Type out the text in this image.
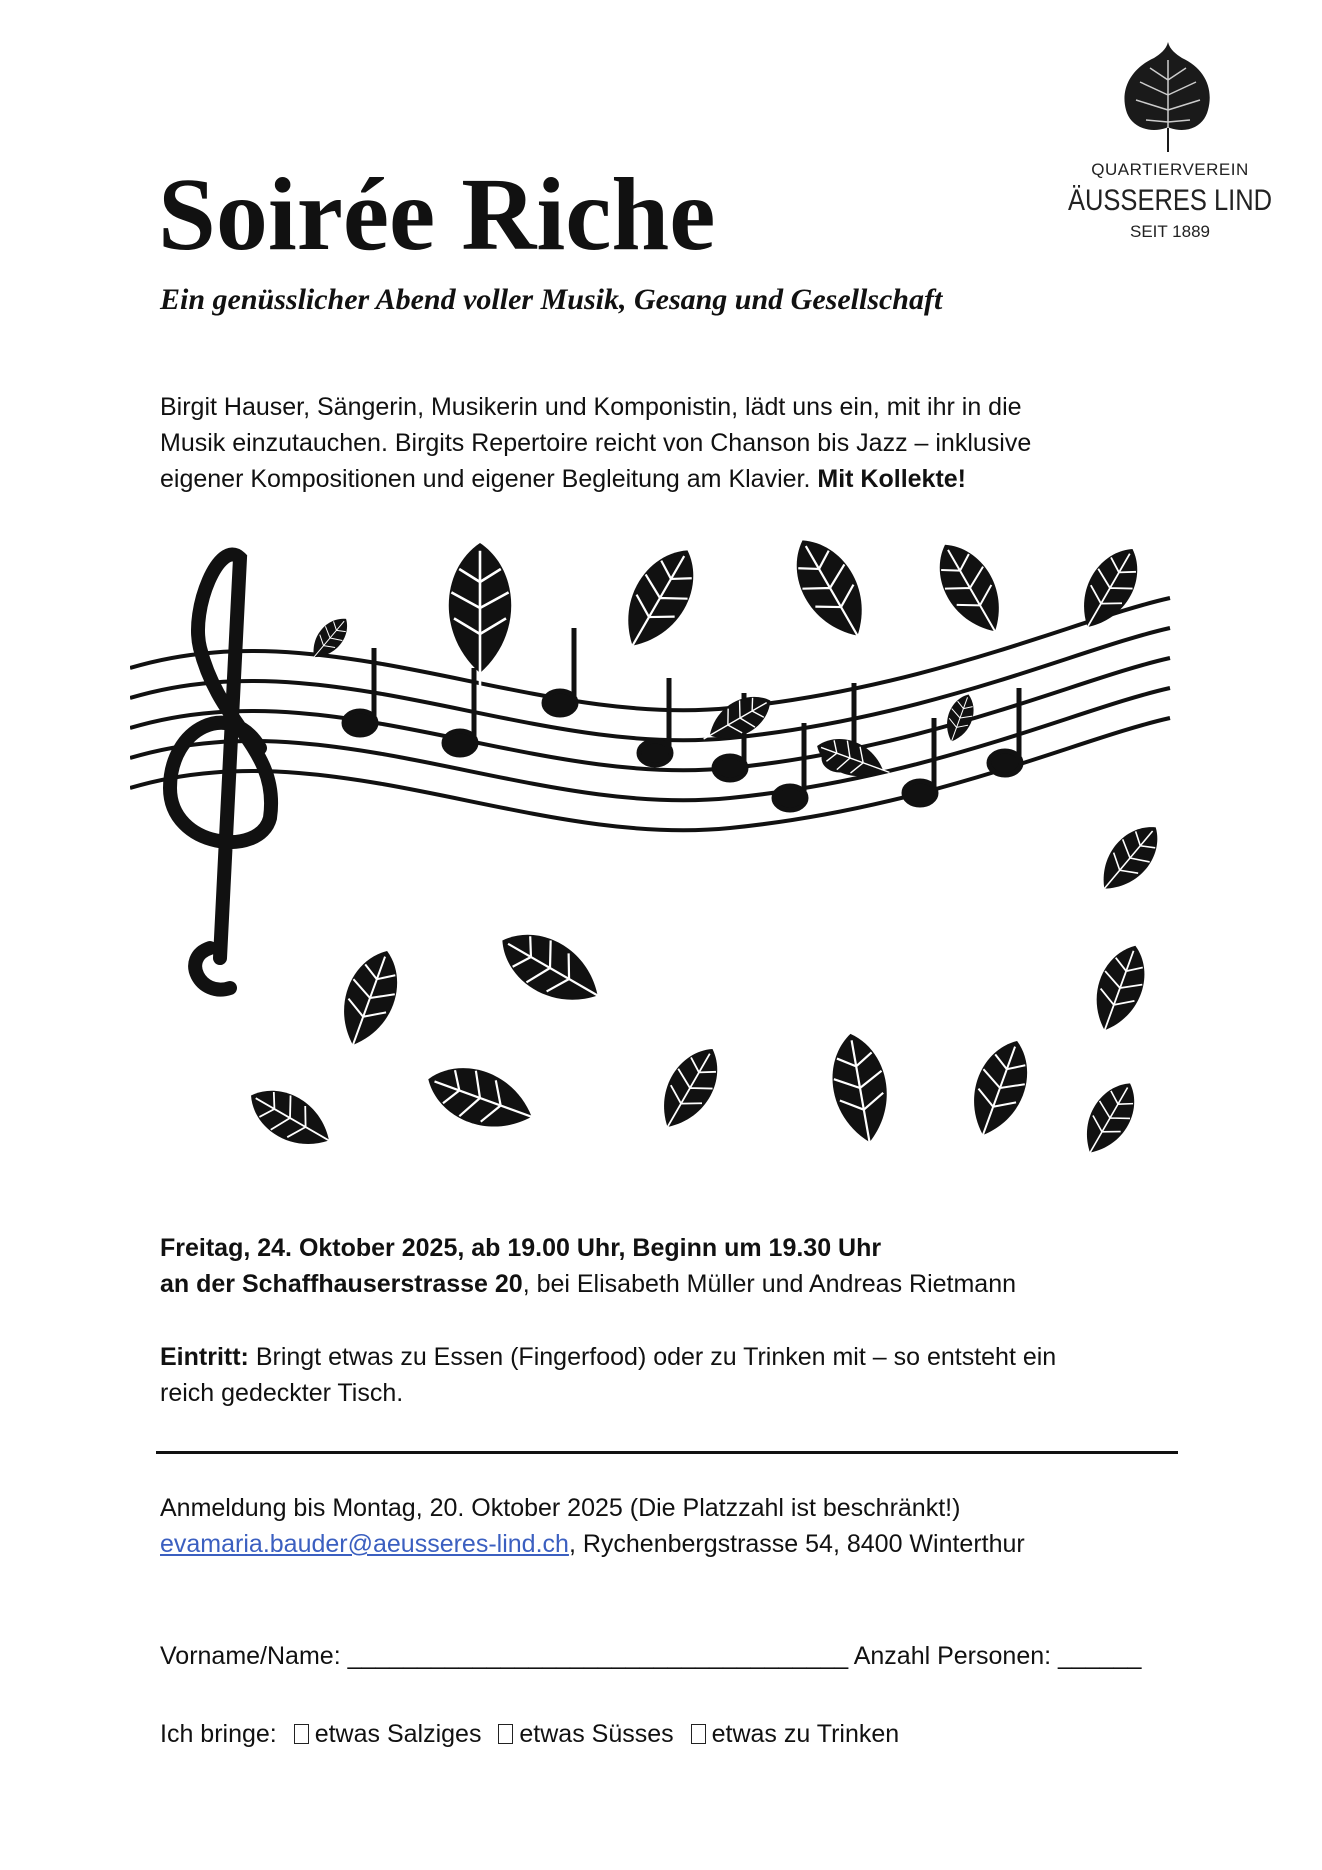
QUARTIERVEREIN
ÄUSSERES LIND
SEIT 1889
Soirée Riche
Ein genüsslicher Abend voller Musik, Gesang und Gesellschaft
Birgit Hauser, Sängerin, Musikerin und Komponistin, lädt uns ein, mit ihr in die
Musik einzutauchen. Birgits Repertoire reicht von Chanson bis Jazz – inklusive
eigener Kompositionen und eigener Begleitung am Klavier. Mit Kollekte!
Freitag, 24. Oktober 2025, ab 19.00 Uhr, Beginn um 19.30 Uhr
an der Schaffhauserstrasse 20, bei Elisabeth Müller und Andreas Rietmann
Eintritt: Bringt etwas zu Essen (Fingerfood) oder zu Trinken mit – so entsteht ein
reich gedeckter Tisch.
Anmeldung bis Montag, 20. Oktober 2025 (Die Platzzahl ist beschränkt!)
evamaria.bauder@aeusseres-lind.ch, Rychenbergstrasse 54, 8400 Winterthur
Vorname/Name: ____________________________________ Anzahl Personen: ______
Ich bringe: etwas Salziges etwas Süsses etwas zu Trinken
